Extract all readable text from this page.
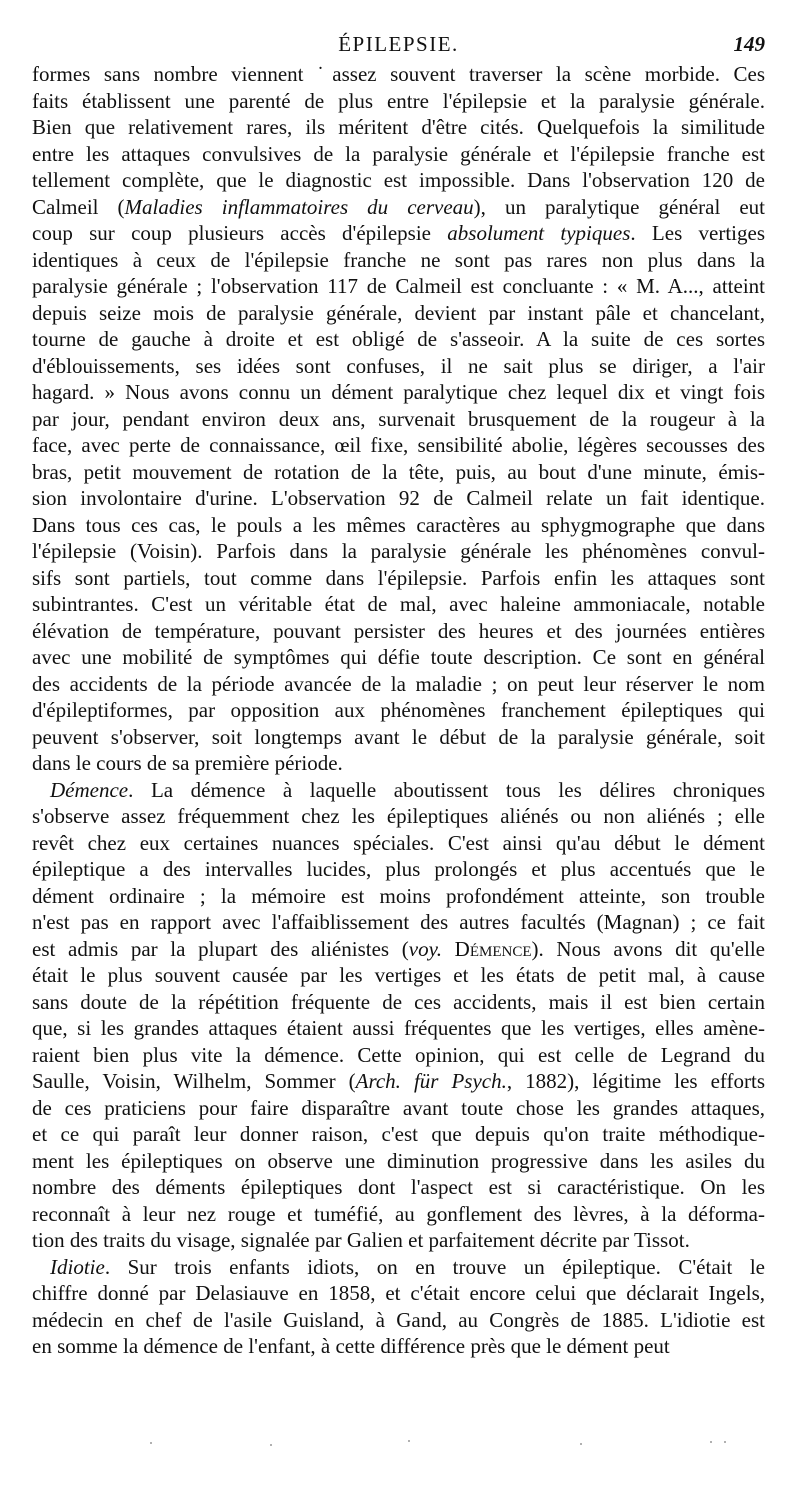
ÉPILEPSIE.	149
formes sans nombre viennent ˙assez souvent traverser la scène morbide. Ces
faits établissent une parenté de plus entre l'épilepsie et la paralysie générale.
Bien que relativement rares, ils méritent d'être cités. Quelquefois la similitude
entre les attaques convulsives de la paralysie générale et l'épilepsie franche est
tellement complète, que le diagnostic est impossible. Dans l'observation 120 de
Calmeil (Maladies inflammatoires du cerveau), un paralytique général eut
coup sur coup plusieurs accès d'épilepsie absolument typiques. Les vertiges
identiques à ceux de l'épilepsie franche ne sont pas rares non plus dans la
paralysie générale ; l'observation 117 de Calmeil est concluante : « M. A..., atteint
depuis seize mois de paralysie générale, devient par instant pâle et chancelant,
tourne de gauche à droite et est obligé de s'asseoir. A la suite de ces sortes
d'éblouissements, ses idées sont confuses, il ne sait plus se diriger, a l'air
hagard. » Nous avons connu un dément paralytique chez lequel dix et vingt fois
par jour, pendant environ deux ans, survenait brusquement de la rougeur à la
face, avec perte de connaissance, œil fixe, sensibilité abolie, légères secousses des
bras, petit mouvement de rotation de la tête, puis, au bout d'une minute, émis-
sion involontaire d'urine. L'observation 92 de Calmeil relate un fait identique.
Dans tous ces cas, le pouls a les mêmes caractères au sphygmographe que dans
l'épilepsie (Voisin). Parfois dans la paralysie générale les phénomènes convul-
sifs sont partiels, tout comme dans l'épilepsie. Parfois enfin les attaques sont
subintrantes. C'est un véritable état de mal, avec haleine ammoniacale, notable
élévation de température, pouvant persister des heures et des journées entières
avec une mobilité de symptômes qui défie toute description. Ce sont en général
des accidents de la période avancée de la maladie ; on peut leur réserver le nom
d'épileptiformes, par opposition aux phénomènes franchement épileptiques qui
peuvent s'observer, soit longtemps avant le début de la paralysie générale, soit
dans le cours de sa première période.
Démence. La démence à laquelle aboutissent tous les délires chroniques
s'observe assez fréquemment chez les épileptiques aliénés ou non aliénés ; elle
revêt chez eux certaines nuances spéciales. C'est ainsi qu'au début le dément
épileptique a des intervalles lucides, plus prolongés et plus accentués que le
dément ordinaire ; la mémoire est moins profondément atteinte, son trouble
n'est pas en rapport avec l'affaiblissement des autres facultés (Magnan) ; ce fait
est admis par la plupart des aliénistes (voy. Démence). Nous avons dit qu'elle
était le plus souvent causée par les vertiges et les états de petit mal, à cause
sans doute de la répétition fréquente de ces accidents, mais il est bien certain
que, si les grandes attaques étaient aussi fréquentes que les vertiges, elles amène-
raient bien plus vite la démence. Cette opinion, qui est celle de Legrand du
Saulle, Voisin, Wilhelm, Sommer (Arch. für Psych., 1882), légitime les efforts
de ces praticiens pour faire disparaître avant toute chose les grandes attaques,
et ce qui paraît leur donner raison, c'est que depuis qu'on traite méthodique-
ment les épileptiques on observe une diminution progressive dans les asiles du
nombre des déments épileptiques dont l'aspect est si caractéristique. On les
reconnaît à leur nez rouge et tuméfié, au gonflement des lèvres, à la déforma-
tion des traits du visage, signalée par Galien et parfaitement décrite par Tissot.
Idiotie. Sur trois enfants idiots, on en trouve un épileptique. C'était le
chiffre donné par Delasiauve en 1858, et c'était encore celui que déclarait Ingels,
médecin en chef de l'asile Guisland, à Gand, au Congrès de 1885. L'idiotie est
en somme la démence de l'enfant, à cette différence près que le dément peut
